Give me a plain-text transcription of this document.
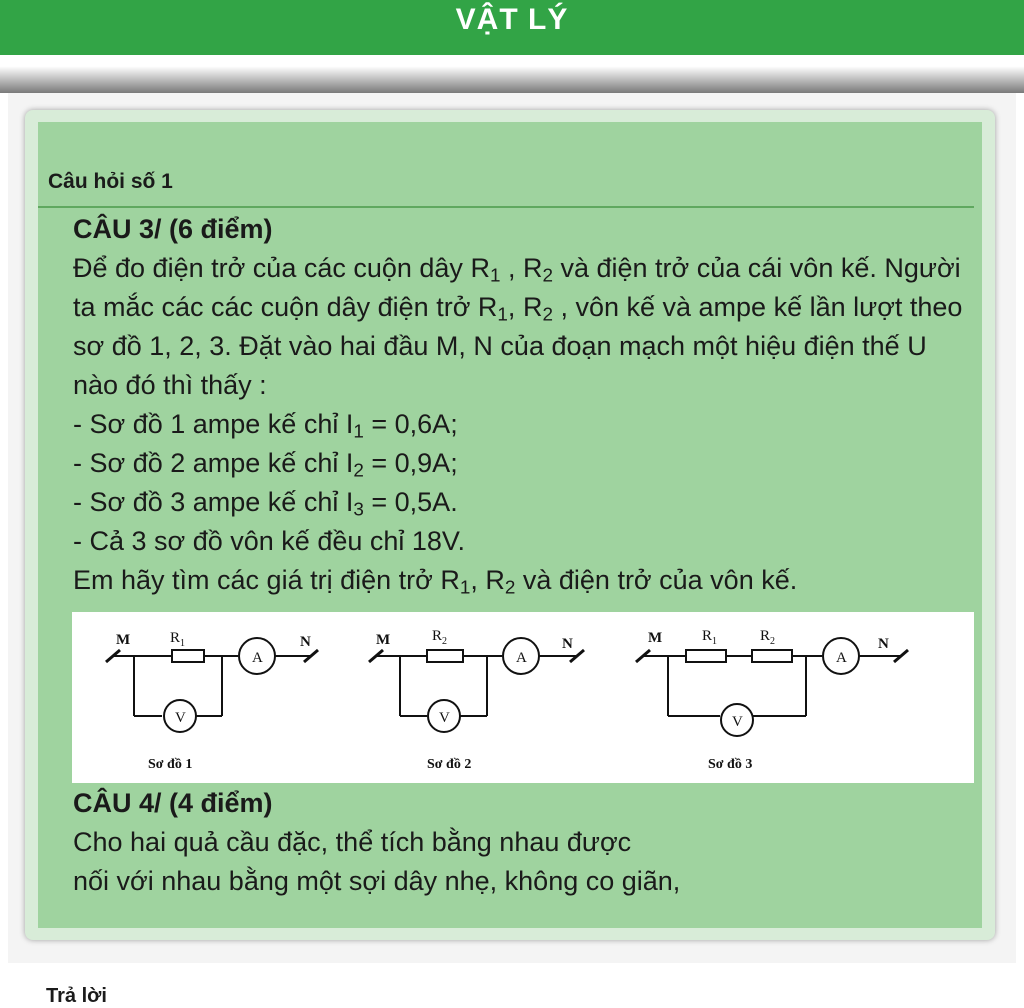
VẬT LÝ
Câu hỏi số 1

CÂU 3/ (6 điểm)

Để đo điện trở của các cuộn dây $R_1$ , $R_2$ và điện trở của cái vôn kế. Người ta mắc các các cuộn dây điện trở $R_1$, $R_2$ , vôn kế và ampe kế lần lượt theo sơ đồ 1, 2, 3. Đặt vào hai đầu M, N của đoạn mạch một hiệu điện thế U nào đó thì thấy :

- Sơ đồ 1 ampe kế chỉ $I_1 = 0,6A$;

- Sơ đồ 2 ampe kế chỉ $I_2 = 0,9A$;

- Sơ đồ 3 ampe kế chỉ $I_3 = 0,5A$.

- Cả 3 sơ đồ vôn kế đều chỉ 18V.

Em hãy tìm các giá trị điện trở $R_1$, $R_2$ và điện trở của vôn kế.

M	$R_1$
A
N
V
Sơ đồ 1
M	$R_2$
A
N
V
Sơ đồ 2
M	$R_1$	$R_2$
A
N
V
Sơ đồ 3

CÂU 4/ (4 điểm)

Cho hai quả cầu đặc, thể tích bằng nhau được

nối với nhau bằng một sợi dây nhẹ, không co giãn,

Trả lời
